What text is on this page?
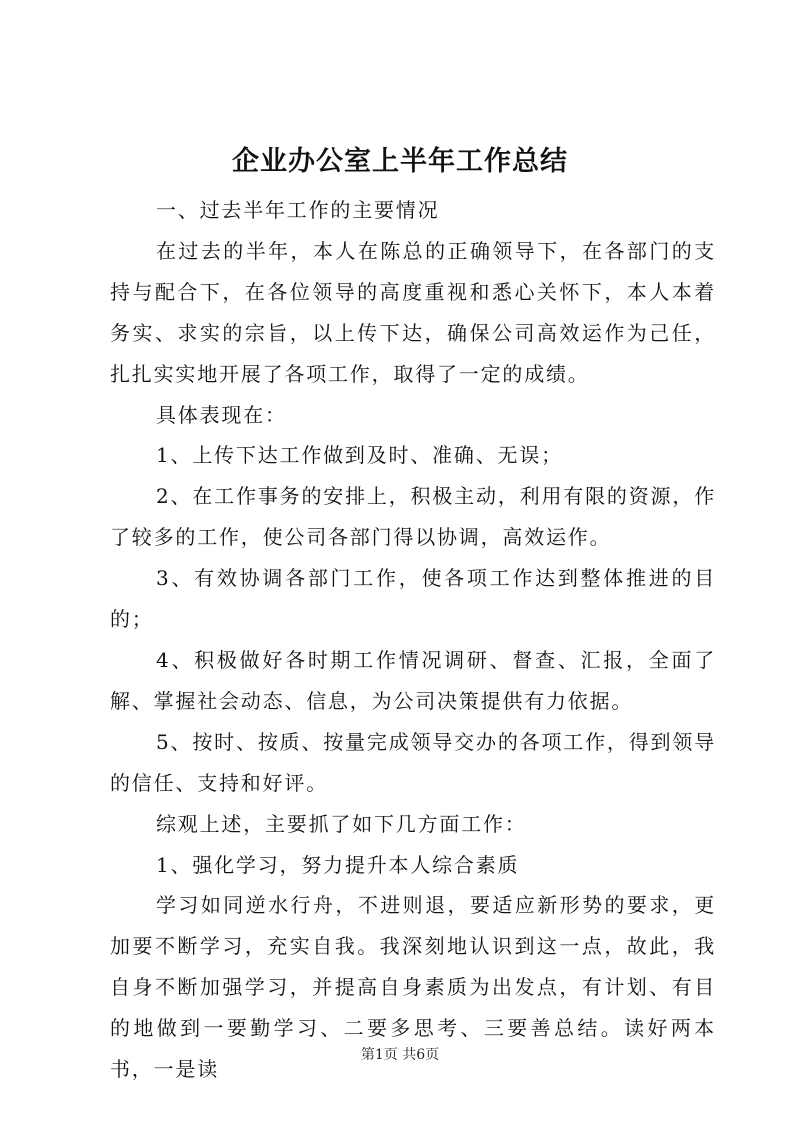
企业办公室上半年工作总结

一、过去半年工作的主要情况

在过去的半年，本人在陈总的正确领导下，在各部门的支持与配合下，在各位领导的高度重视和悉心关怀下，本人本着务实、求实的宗旨，以上传下达，确保公司高效运作为己任，扎扎实实地开展了各项工作，取得了一定的成绩。

具体表现在：

1、上传下达工作做到及时、准确、无误；

2、在工作事务的安排上，积极主动，利用有限的资源，作了较多的工作，使公司各部门得以协调，高效运作。

3、有效协调各部门工作，使各项工作达到整体推进的目的；

4、积极做好各时期工作情况调研、督查、汇报，全面了解、掌握社会动态、信息，为公司决策提供有力依据。

5、按时、按质、按量完成领导交办的各项工作，得到领导的信任、支持和好评。

综观上述，主要抓了如下几方面工作：

1、强化学习，努力提升本人综合素质

学习如同逆水行舟，不进则退，要适应新形势的要求，更加要不断学习，充实自我。我深刻地认识到这一点，故此，我自身不断加强学习，并提高自身素质为出发点，有计划、有目的地做到一要勤学习、二要多思考、三要善总结。读好两本书，一是读

第1页 共6页
